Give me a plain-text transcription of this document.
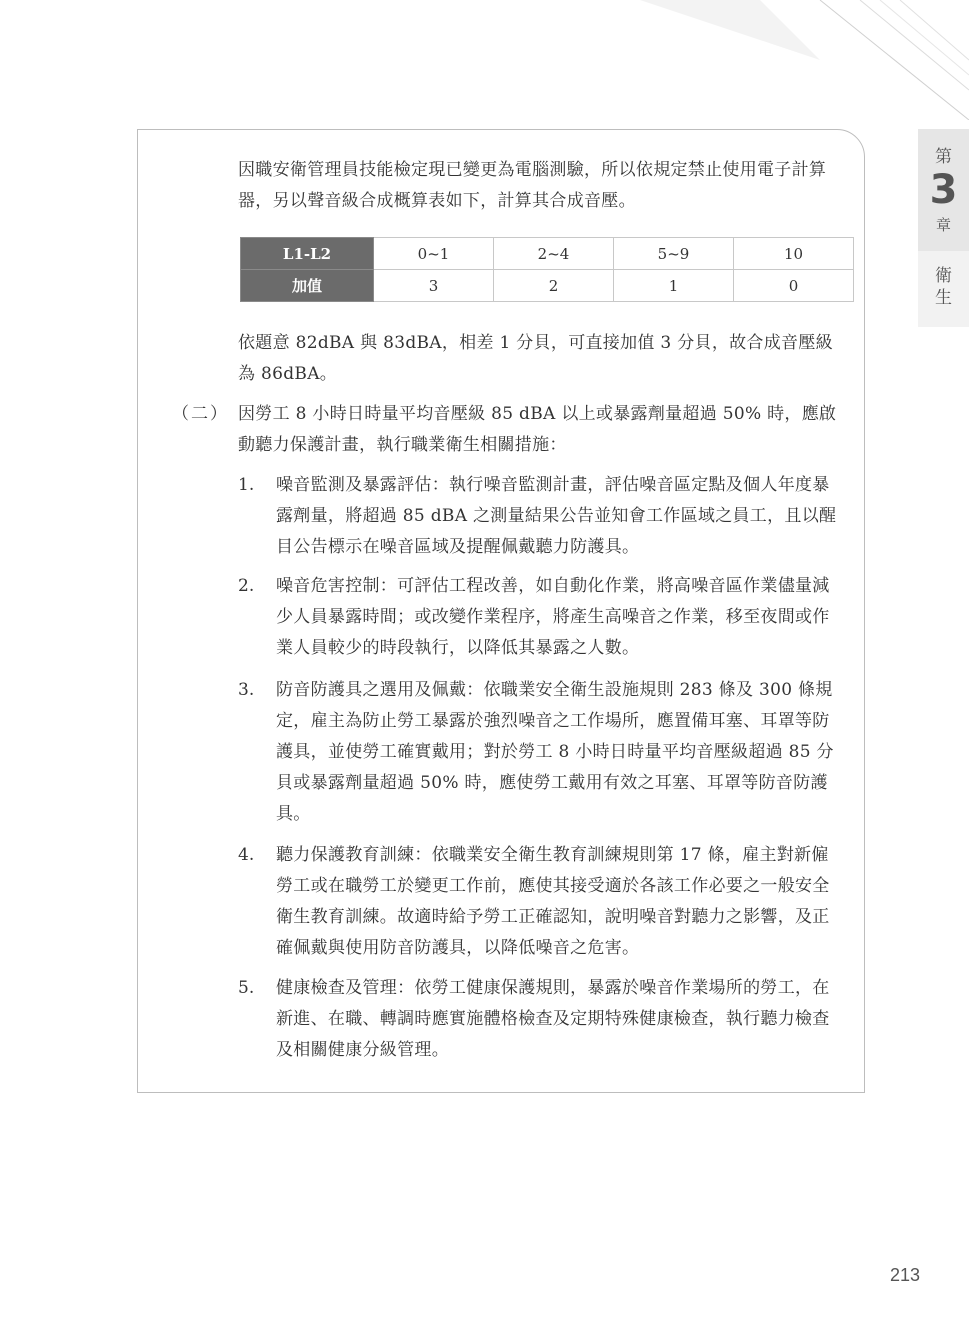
因職安衛管理員技能檢定現已變更為電腦測驗，所以依規定禁止使用電子計算器，另以聲音級合成概算表如下，計算其合成音壓。

L1-L2	0~1	2~4	5~9	10
加值	3	2	1	0

依題意 82dBA 與 83dBA，相差 1 分貝，可直接加值 3 分貝，故合成音壓級為 86dBA。

（二） 因勞工 8 小時日時量平均音壓級 85 dBA 以上或暴露劑量超過 50% 時，應啟動聽力保護計畫，執行職業衛生相關措施：

1. 噪音監測及暴露評估：執行噪音監測計畫，評估噪音區定點及個人年度暴露劑量，將超過 85 dBA 之測量結果公告並知會工作區域之員工，且以醒目公告標示在噪音區域及提醒佩戴聽力防護具。

2. 噪音危害控制：可評估工程改善，如自動化作業，將高噪音區作業儘量減少人員暴露時間；或改變作業程序，將產生高噪音之作業，移至夜間或作業人員較少的時段執行，以降低其暴露之人數。

3. 防音防護具之選用及佩戴：依職業安全衛生設施規則 283 條及 300 條規定，雇主為防止勞工暴露於強烈噪音之工作場所，應置備耳塞、耳罩等防護具，並使勞工確實戴用；對於勞工 8 小時日時量平均音壓級超過 85 分貝或暴露劑量超過 50% 時，應使勞工戴用有效之耳塞、耳罩等防音防護具。

4. 聽力保護教育訓練：依職業安全衛生教育訓練規則第 17 條，雇主對新僱勞工或在職勞工於變更工作前，應使其接受適於各該工作必要之一般安全衛生教育訓練。故適時給予勞工正確認知，說明噪音對聽力之影響，及正確佩戴與使用防音防護具，以降低噪音之危害。

5. 健康檢查及管理：依勞工健康保護規則，暴露於噪音作業場所的勞工，在新進、在職、轉調時應實施體格檢查及定期特殊健康檢查，執行聽力檢查及相關健康分級管理。

第
3
章
衛生
213
